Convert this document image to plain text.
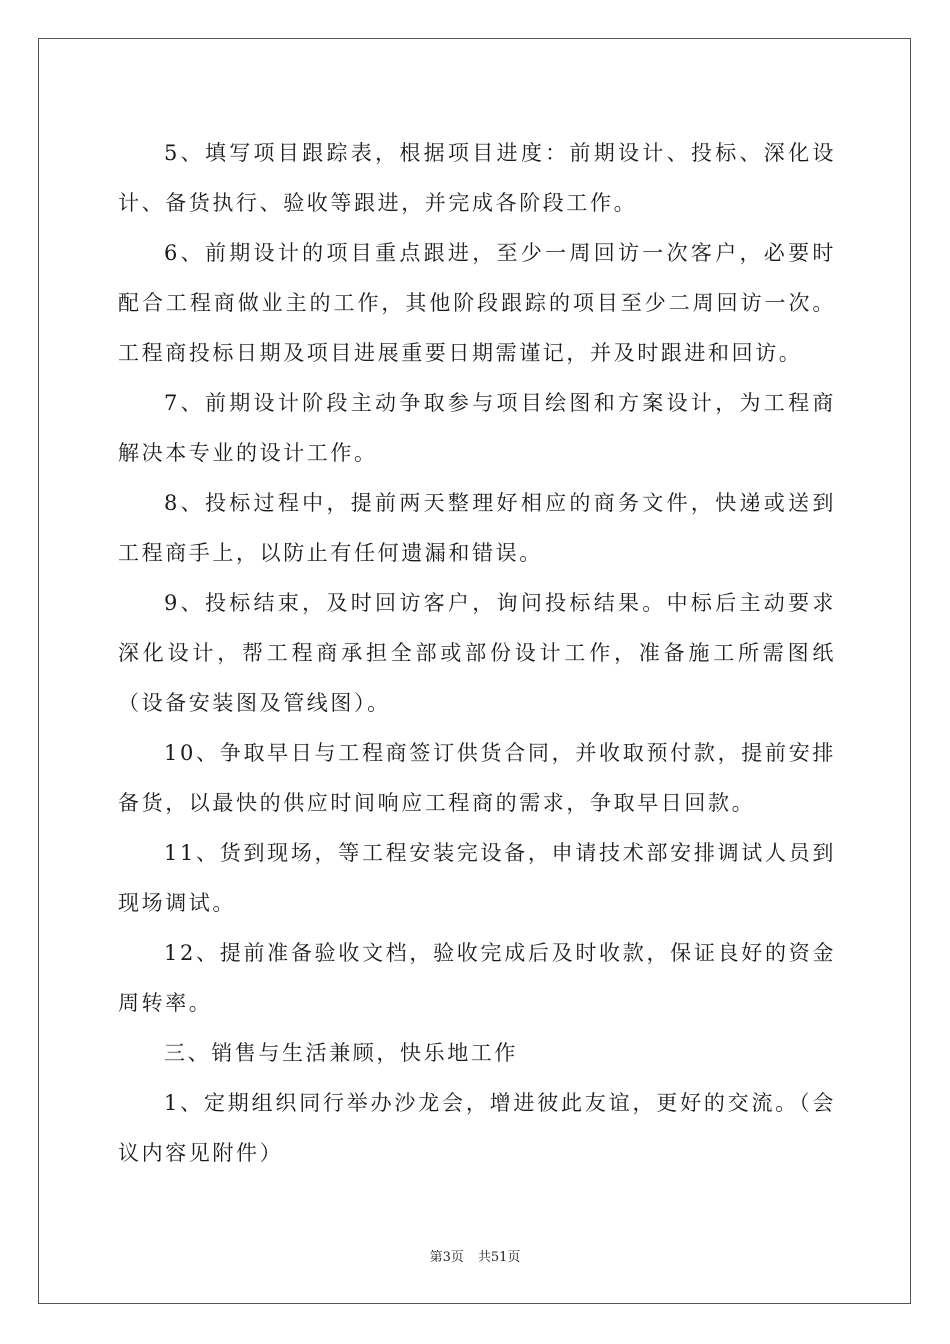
5、填写项目跟踪表，根据项目进度：前期设计、投标、深化设计、备货执行、验收等跟进，并完成各阶段工作。

6、前期设计的项目重点跟进，至少一周回访一次客户，必要时配合工程商做业主的工作，其他阶段跟踪的项目至少二周回访一次。工程商投标日期及项目进展重要日期需谨记，并及时跟进和回访。

7、前期设计阶段主动争取参与项目绘图和方案设计，为工程商解决本专业的设计工作。

8、投标过程中，提前两天整理好相应的商务文件，快递或送到工程商手上，以防止有任何遗漏和错误。

9、投标结束，及时回访客户，询问投标结果。中标后主动要求深化设计，帮工程商承担全部或部份设计工作，准备施工所需图纸（设备安装图及管线图）。

10、争取早日与工程商签订供货合同，并收取预付款，提前安排备货，以最快的供应时间响应工程商的需求，争取早日回款。

11、货到现场，等工程安装完设备，申请技术部安排调试人员到现场调试。

12、提前准备验收文档，验收完成后及时收款，保证良好的资金周转率。

三、销售与生活兼顾，快乐地工作

1、定期组织同行举办沙龙会，增进彼此友谊，更好的交流。（会议内容见附件）

第3页 共51页
